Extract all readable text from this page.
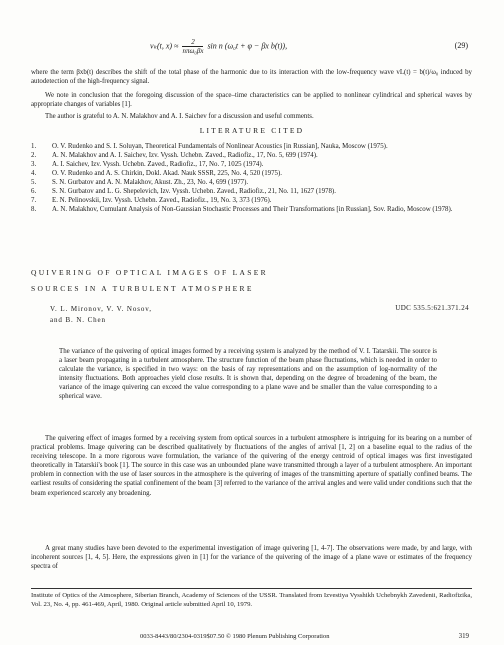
vₖ(t, $x) \approx \frac{2}{\text{nπω₀βx}}$ sin n (ω₀t + φ − βx b(t)),	(29)

where the term βxb(t) describes the shift of the total phase of the harmonic due to its interaction with the low-frequency wave vL(t) = b(t)/ω₀ induced by autodetection of the high-frequency signal.

We note in conclusion that the foregoing discussion of the space–time characteristics can be applied to nonlinear cylindrical and spherical waves by appropriate changes of variables [1].

The author is grateful to A. N. Malakhov and A. I. Saichev for a discussion and useful comments.

LITERATURE CITED
1. O. V. Rudenko and S. I. Soluyan, Theoretical Fundamentals of Nonlinear Acoustics [in Russian], Nauka, Moscow (1975).
2. A. N. Malakhov and A. I. Saichev, Izv. Vyssh. Uchebn. Zaved., Radiofiz., 17, No. 5, 699 (1974).
3. A. I. Saichev, Izv. Vyssh. Uchebn. Zaved., Radiofiz., 17, No. 7, 1025 (1974).
4. O. V. Rudenko and A. S. Chirkin, Dokl. Akad. Nauk SSSR, 225, No. 4, 520 (1975).
5. S. N. Gurbatov and A. N. Malakhov, Akust. Zh., 23, No. 4, 699 (1977).
6. S. N. Gurbatov and L. G. Shepelevich, Izv. Vyssh. Uchebn. Zaved., Radiofiz., 21, No. 11, 1627 (1978).
7. E. N. Pelinovskii, Izv. Vyssh. Uchebn. Zaved., Radiofiz., 19, No. 3, 373 (1976).
8. A. N. Malakhov, Cumulant Analysis of Non-Gaussian Stochastic Processes and Their Transformations [in Russian], Sov. Radio, Moscow (1978).
QUIVERING OF OPTICAL IMAGES OF LASER
SOURCES IN A TURBULENT ATMOSPHERE
V. L. Mironov, V. V. Nosov,
and B. N. Chen
UDC 535.5:621.371.24

The variance of the quivering of optical images formed by a receiving system is analyzed by the method of V. I. Tatarskii. The source is a laser beam propagating in a turbulent atmosphere. The structure function of the beam phase fluctuations, which is needed in order to calculate the variance, is specified in two ways: on the basis of ray representations and on the assumption of log-normality of the intensity fluctuations. Both approaches yield close results. It is shown that, depending on the degree of broadening of the beam, the variance of the image quivering can exceed the value corresponding to a plane wave and be smaller than the value corresponding to a spherical wave.

The quivering effect of images formed by a receiving system from optical sources in a turbulent atmosphere is intriguing for its bearing on a number of practical problems. Image quivering can be described qualitatively by fluctuations of the angles of arrival [1, 2] on a baseline equal to the radius of the receiving telescope. In a more rigorous wave formulation, the variance of the quivering of the energy centroid of optical images was first investigated theoretically in Tatarskii's book [1]. The source in this case was an unbounded plane wave transmitted through a layer of a turbulent atmosphere. An important problem in connection with the use of laser sources in the atmosphere is the quivering of images of the transmitting aperture of spatially confined beams. The earliest results of considering the spatial confinement of the beam [3] referred to the variance of the arrival angles and were valid under conditions such that the beam experienced scarcely any broadening.

A great many studies have been devoted to the experimental investigation of image quivering [1, 4-7]. The observations were made, by and large, with incoherent sources [1, 4, 5]. Here, the expressions given in [1] for the variance of the quivering of the image of a plane wave or estimates of the frequency spectra of

Institute of Optics of the Atmosphere, Siberian Branch, Academy of Sciences of the USSR. Translated from Izvestiya Vysshikh Uchebnykh Zavedenii, Radiofizika, Vol. 23, No. 4, pp. 461-469, April, 1980. Original article submitted April 10, 1979.

0033-8443/80/2304-0319$07.50 © 1980 Plenum Publishing Corporation	319
